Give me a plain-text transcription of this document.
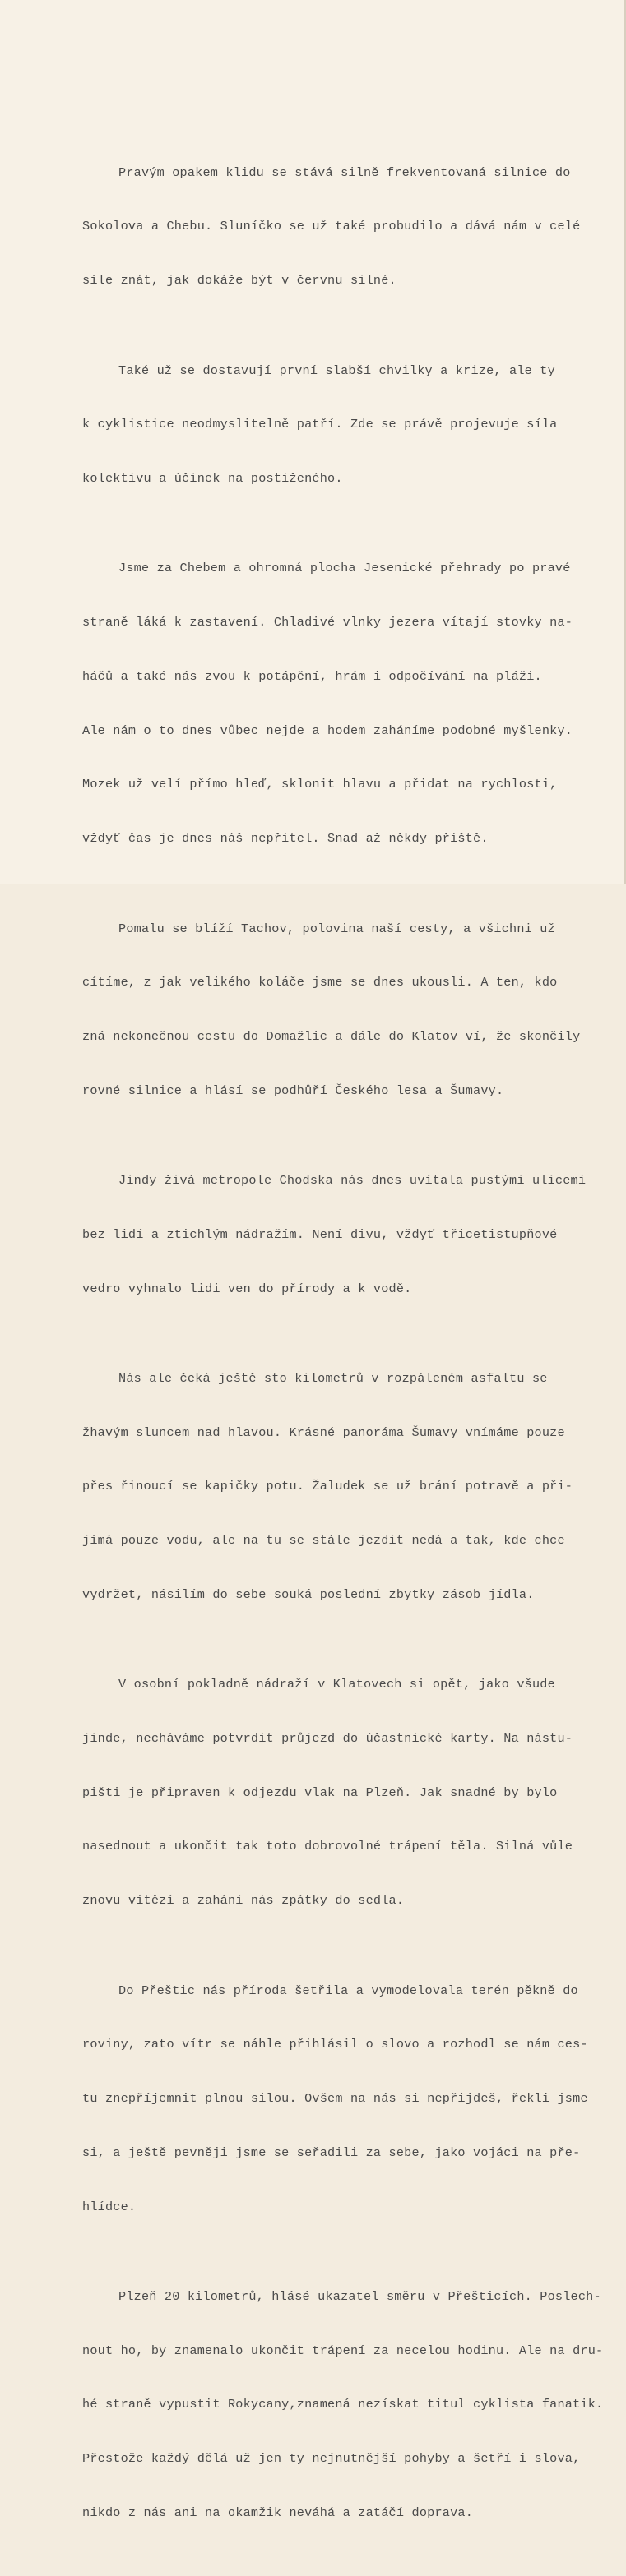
Pravým opakem klidu se stává silně frekventovaná silnice do

Sokolova a Chebu. Sluníčko se už také probudilo a dává nám v celé

síle znát, jak dokáže být v červnu silné.

Také už se dostavují první slabší chvilky a krize, ale ty

k cyklistice neodmyslitelně patří. Zde se právě projevuje síla

kolektivu a účinek na postiženého.

Jsme za Chebem a ohromná plocha Jesenické přehrady po pravé

straně láká k zastavení. Chladivé vlnky jezera vítají stovky na-

háčů a také nás zvou k potápění, hrám i odpočívání na pláži.

Ale nám o to dnes vůbec nejde a hodem zaháníme podobné myšlenky.

Mozek už velí přímo hleď, sklonit hlavu a přidat na rychlosti,

vždyť čas je dnes náš nepřítel. Snad až někdy příště.

Pomalu se blíží Tachov, polovina naší cesty, a všichni už

cítíme, z jak velikého koláče jsme se dnes ukousli. A ten, kdo

zná nekonečnou cestu do Domažlic a dále do Klatov ví, že skončily

rovné silnice a hlásí se podhůří Českého lesa a Šumavy.

Jindy živá metropole Chodska nás dnes uvítala pustými ulicemi

bez lidí a ztichlým nádražím. Není divu, vždyť třicetistupňové

vedro vyhnalo lidi ven do přírody a k vodě.

Nás ale čeká ještě sto kilometrů v rozpáleném asfaltu se

žhavým sluncem nad hlavou. Krásné panoráma Šumavy vnímáme pouze

přes řinoucí se kapičky potu. Žaludek se už brání potravě a při-

jímá pouze vodu, ale na tu se stále jezdit nedá a tak, kde chce

vydržet, násilím do sebe souká poslední zbytky zásob jídla.

V osobní pokladně nádraží v Klatovech si opět, jako všude

jinde, necháváme potvrdit průjezd do účastnické karty. Na nástu-

pišti je připraven k odjezdu vlak na Plzeň. Jak snadné by bylo

nasednout a ukončit tak toto dobrovolné trápení těla. Silná vůle

znovu vítězí a zahání nás zpátky do sedla.

Do Přeštic nás příroda šetřila a vymodelovala terén pěkně do

roviny, zato vítr se náhle přihlásil o slovo a rozhodl se nám ces-

tu znepříjemnit plnou silou. Ovšem na nás si nepřijdeš, řekli jsme

si, a ještě pevněji jsme se seřadili za sebe, jako vojáci na pře-

hlídce.

Plzeň 20 kilometrů, hlásé ukazatel směru v Přešticích. Poslech-

nout ho, by znamenalo ukončit trápení za necelou hodinu. Ale na dru-

hé straně vypustit Rokycany,znamená nezískat titul cyklista fanatik.

Přestože každý dělá už jen ty nejnutnější pohyby a šetří i slova,

nikdo z nás ani na okamžik neváhá a zatáčí doprava.
